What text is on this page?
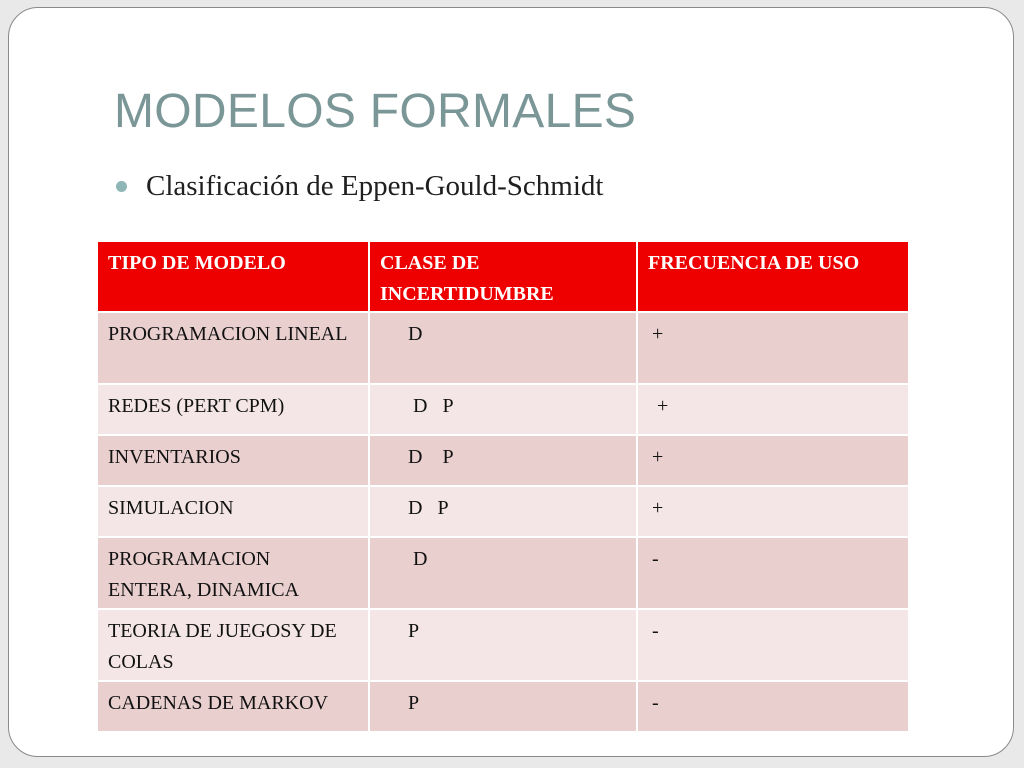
MODELOS FORMALES
Clasificación de Eppen-Gould-Schmidt
TIPO DE MODELO	CLASE DE INCERTIDUMBRE	FRECUENCIA DE USO
PROGRAMACION LINEAL	D	+
REDES (PERT CPM)	D   P	+
INVENTARIOS	D    P	+
SIMULACION	D   P	+
PROGRAMACION ENTERA, DINAMICA	D	-
TEORIA DE JUEGOSY DE COLAS	P	-
CADENAS DE MARKOV	P	-
